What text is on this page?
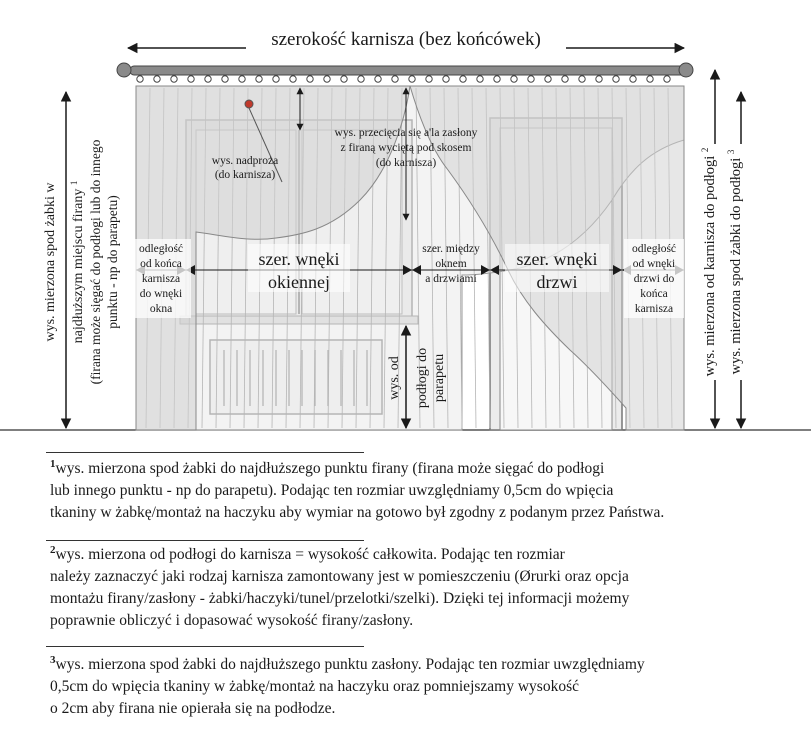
szerokość karnisza (bez końcówek)
wys. mierzona spod żabki w najdłuższym miejscu firany $^1$ (firana może sięgać do podłogi lub do innego punktu - np do parapetu)	wys. mierzona od karnisza do podłogi $^2$
wys. mierzona spod żabki do podłogi $^3$
wys. nadproża
(do karnisza)
wys. przecięcia się a'la zasłony
z firaną wyciętą pod skosem
(do karnisza)
odległość
od końca
karnisza
do wnęki
okna
szer. wnęki
okiennej
szer. między
oknem
a drzwiami
szer. wnęki
drzwi
odległość
od wnęki
drzwi do
końca
karnisza
wys. od podłogi do parapetu
$^1$wys. mierzona spod żabki do najdłuższego punktu firany (firana może sięgać do podłogi
lub innego punktu - np do parapetu). Podając ten rozmiar uwzględniamy 0,5cm do wpięcia
tkaniny w żabkę/montaż na haczyku aby wymiar na gotowo był zgodny z podanym przez Państwa.
$^2$wys. mierzona od podłogi do karnisza = wysokość całkowita. Podając ten rozmiar
należy zaznaczyć jaki rodzaj karnisza zamontowany jest w pomieszczeniu (Ørurki oraz opcja
montażu firany/zasłony - żabki/haczyki/tunel/przelotki/szelki). Dzięki tej informacji możemy
poprawnie obliczyć i dopasować wysokość firany/zasłony.
$^3$wys. mierzona spod żabki do najdłuższego punktu zasłony. Podając ten rozmiar uwzględniamy
0,5cm do wpięcia tkaniny w żabkę/montaż na haczyku oraz pomniejszamy wysokość
o 2cm aby firana nie opierała się na podłodze.
